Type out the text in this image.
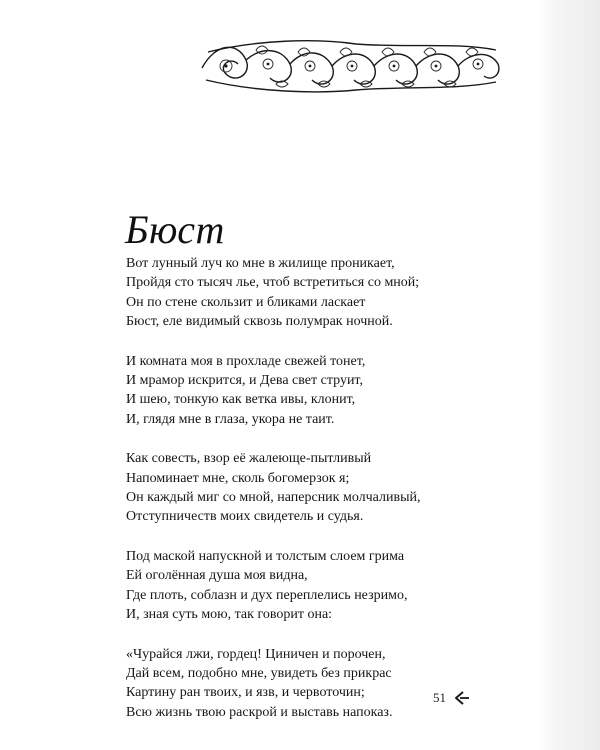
Бюст
Вот лунный луч ко мне в жилище проникает,
Пройдя сто тысяч лье, чтоб встретиться со мной;
Он по стене скользит и бликами ласкает
Бюст, еле видимый сквозь полумрак ночной.
И комната моя в прохладе свежей тонет,
И мрамор искрится, и Дева свет струит,
И шею, тонкую как ветка ивы, клонит,
И, глядя мне в глаза, укора не таит.
Как совесть, взор её жалеюще-пытливый
Напоминает мне, сколь богомерзок я;
Он каждый миг со мной, наперсник молчаливый,
Отступничеств моих свидетель и судья.
Под маской напускной и толстым слоем грима
Ей оголённая душа моя видна,
Где плоть, соблазн и дух переплелись незримо,
И, зная суть мою, так говорит она:
«Чурайся лжи, гордец! Циничен и порочен,
Дай всем, подобно мне, увидеть без прикрас
Картину ран твоих, и язв, и червоточин;
Всю жизнь твою раскрой и выставь напоказ.
51
